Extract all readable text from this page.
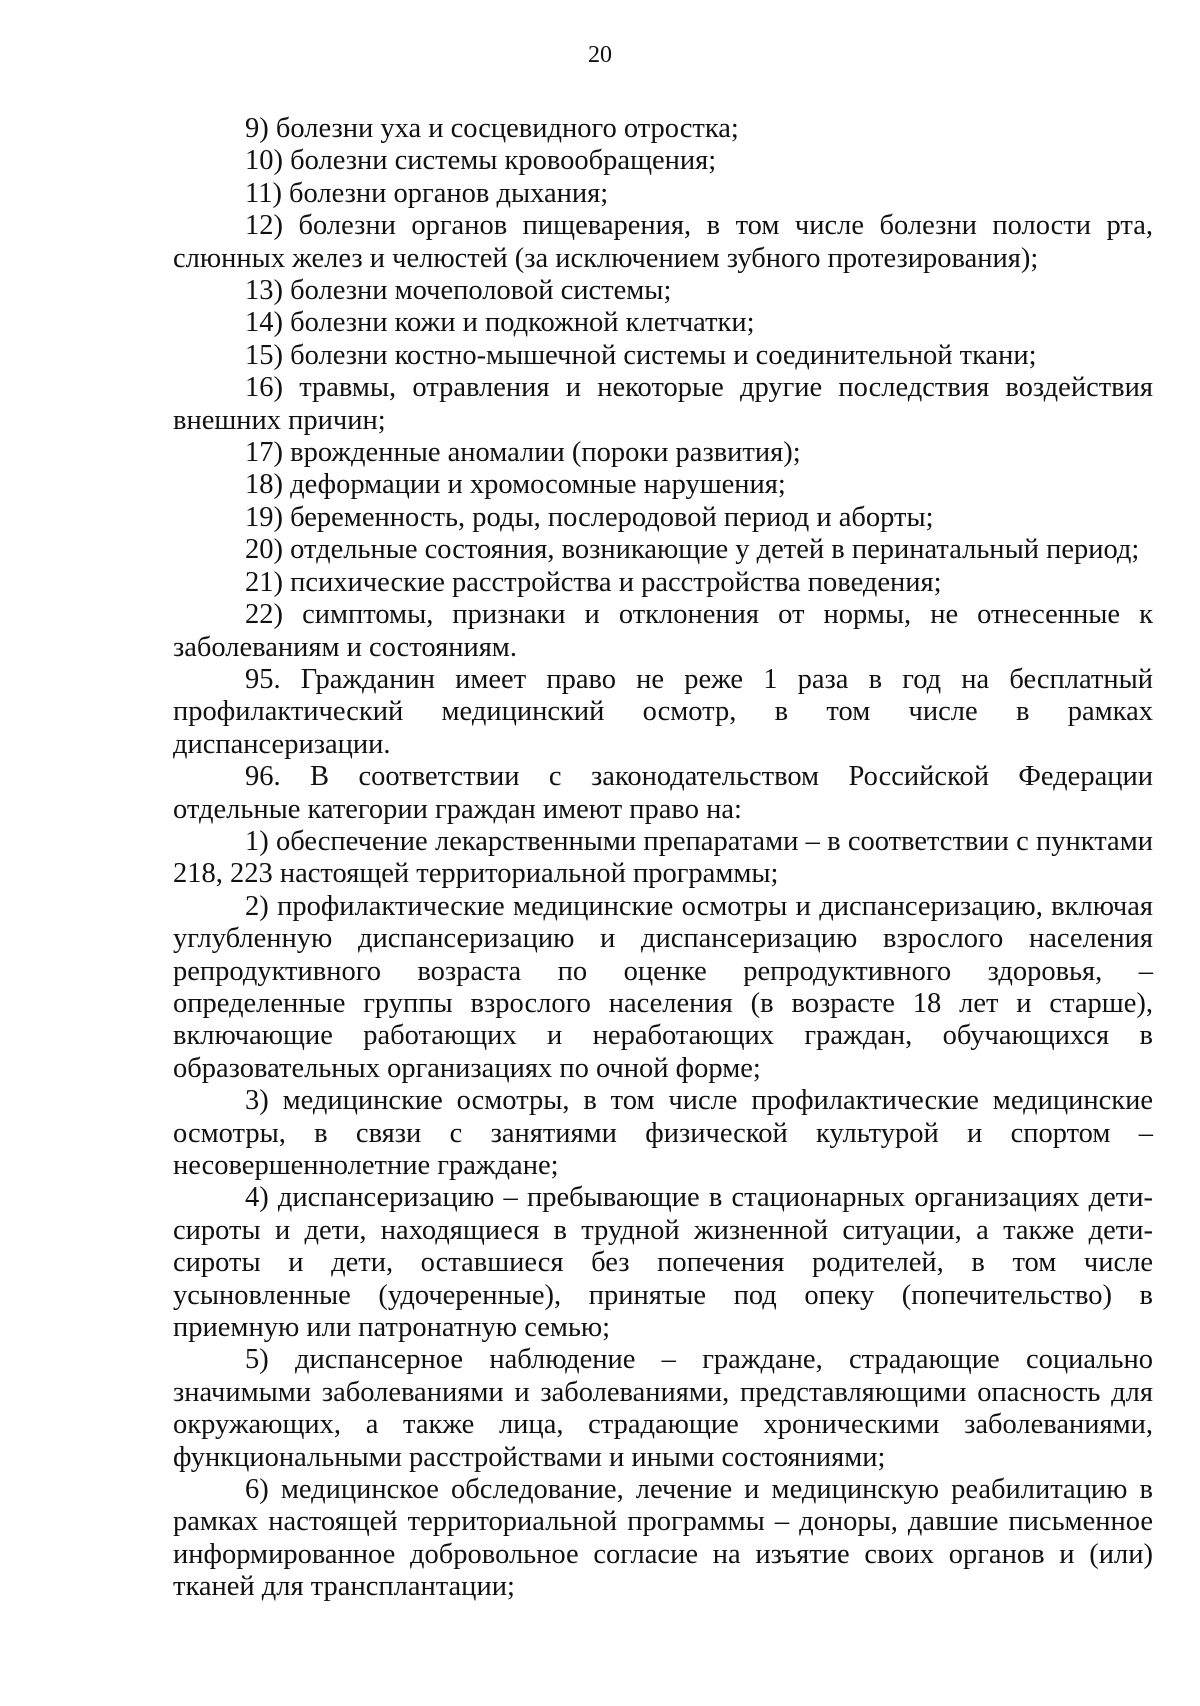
20

9) болезни уха и сосцевидного отростка;

10) болезни системы кровообращения;

11) болезни органов дыхания;

12) болезни органов пищеварения, в том числе болезни полости рта, слюнных желез и челюстей (за исключением зубного протезирования);

13) болезни мочеполовой системы;

14) болезни кожи и подкожной клетчатки;

15) болезни костно-мышечной системы и соединительной ткани;

16) травмы, отравления и некоторые другие последствия воздействия внешних причин;

17) врожденные аномалии (пороки развития);

18) деформации и хромосомные нарушения;

19) беременность, роды, послеродовой период и аборты;

20) отдельные состояния, возникающие у детей в перинатальный период;

21) психические расстройства и расстройства поведения;

22) симптомы, признаки и отклонения от нормы, не отнесенные к заболеваниям и состояниям.

95. Гражданин имеет право не реже 1 раза в год на бесплатный профилактический медицинский осмотр, в том числе в рамках диспансеризации.

96. В соответствии с законодательством Российской Федерации отдельные категории граждан имеют право на:

1) обеспечение лекарственными препаратами – в соответствии с пунктами 218, 223 настоящей территориальной программы;

2) профилактические медицинские осмотры и диспансеризацию, включая углубленную диспансеризацию и диспансеризацию взрослого населения репродуктивного возраста по оценке репродуктивного здоровья, – определенные группы взрослого населения (в возрасте 18 лет и старше), включающие работающих и неработающих граждан, обучающихся в образовательных организациях по очной форме;

3) медицинские осмотры, в том числе профилактические медицинские осмотры, в связи с занятиями физической культурой и спортом – несовершеннолетние граждане;

4) диспансеризацию – пребывающие в стационарных организациях дети-сироты и дети, находящиеся в трудной жизненной ситуации, а также дети-сироты и дети, оставшиеся без попечения родителей, в том числе усыновленные (удочеренные), принятые под опеку (попечительство) в приемную или патронатную семью;

5) диспансерное наблюдение – граждане, страдающие социально значимыми заболеваниями и заболеваниями, представляющими опасность для окружающих, а также лица, страдающие хроническими заболеваниями, функциональными расстройствами и иными состояниями;

6) медицинское обследование, лечение и медицинскую реабилитацию в рамках настоящей территориальной программы – доноры, давшие письменное информированное добровольное согласие на изъятие своих органов и (или) тканей для трансплантации;
